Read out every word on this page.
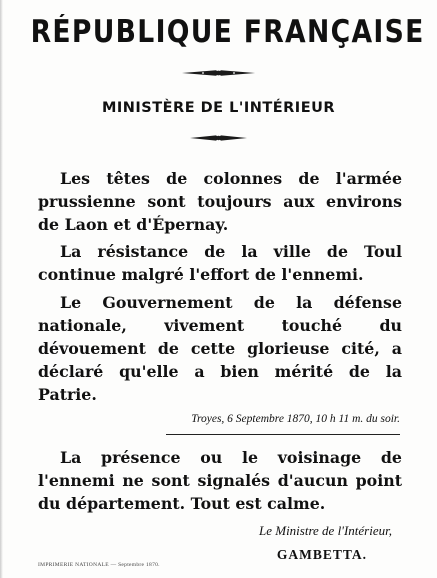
RÉPUBLIQUE FRANÇAISE
MINISTÈRE DE L'INTÉRIEUR
Les têtes de colonnes de l'armée prussienne sont toujours aux environs de Laon et d'Épernay.
La résistance de la ville de Toul continue malgré l'effort de l'ennemi.
Le Gouvernement de la défense nationale, vivement touché du dévouement de cette glorieuse cité, a déclaré qu'elle a bien mérité de la Patrie.
Troyes, 6 Septembre 1870, 10 h 11 m. du soir.
La présence ou le voisinage de l'ennemi ne sont signalés d'aucun point du département. Tout est calme.
Le Ministre de l'Intérieur,
GAMBETTA.
IMPRIMERIE NATIONALE — Septembre 1870.
